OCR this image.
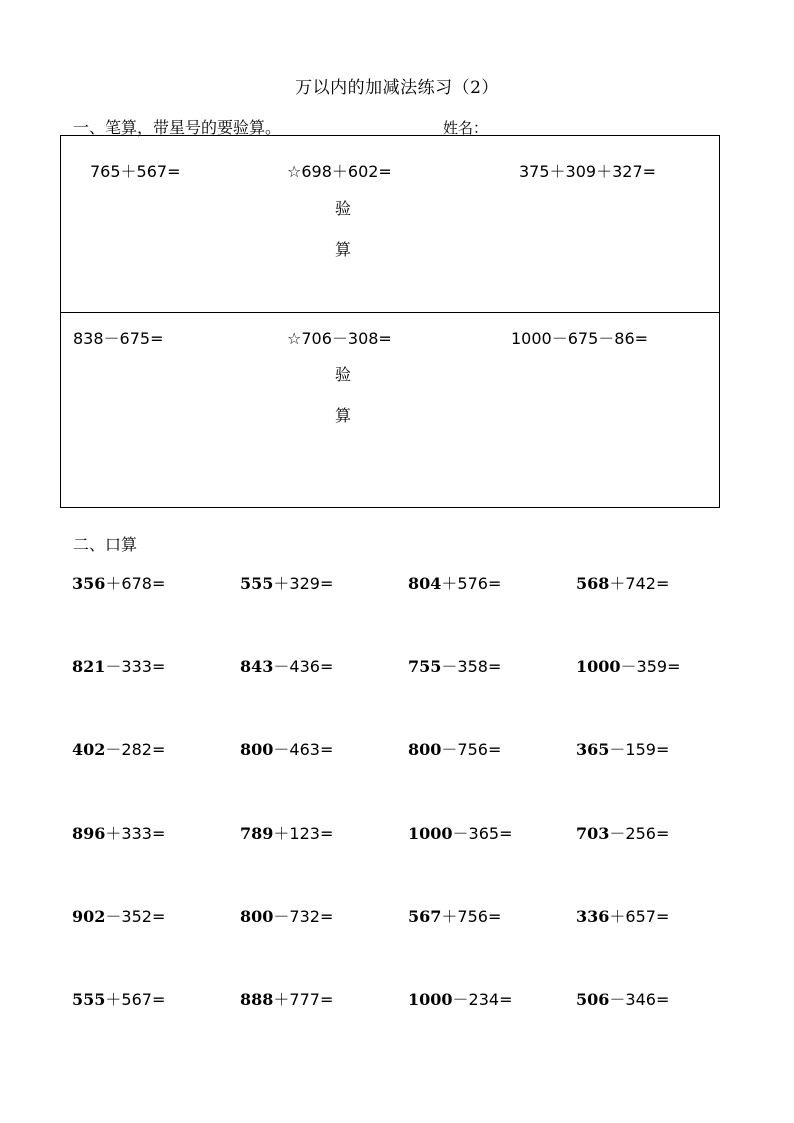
万以内的加减法练习（2）
一、笔算，带星号的要验算。	姓名：
765＋567=	☆698＋602=	375＋309＋327=
验
算
838－675=	☆706－308=	1000－675－86=
验
算
二、口算
356＋678=	555＋329=	804＋576=	568＋742=
821－333=	843－436=	755－358=	1000－359=
402－282=	800－463=	800－756=	365－159=
896＋333=	789＋123=	1000－365=	703－256=
902－352=	800－732=	567＋756=	336＋657=
555＋567=	888＋777=	1000－234=	506－346=
